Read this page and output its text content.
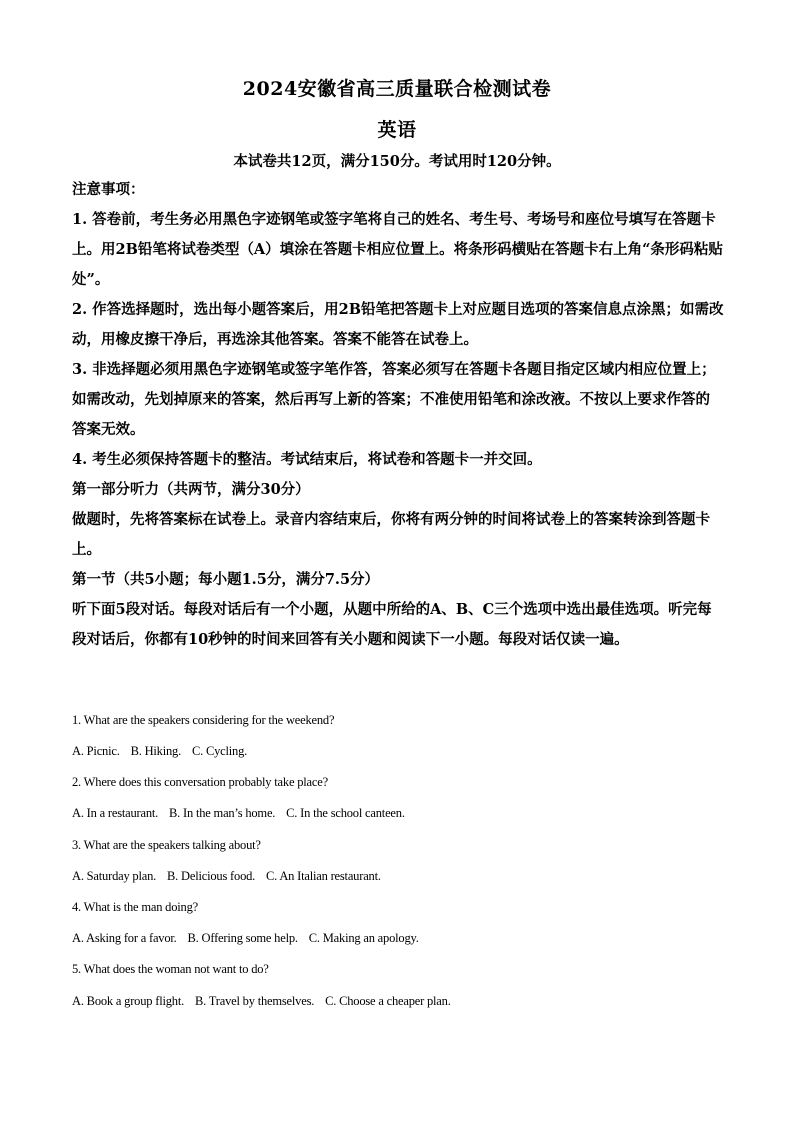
2024安徽省高三质量联合检测试卷
英语
本试卷共12页，满分150分。考试用时120分钟。

注意事项：

1. 答卷前，考生务必用黑色字迹钢笔或签字笔将自己的姓名、考生号、考场号和座位号填写在答题卡上。用2B铅笔将试卷类型（A）填涂在答题卡相应位置上。将条形码横贴在答题卡右上角“条形码粘贴处”。

2. 作答选择题时，选出每小题答案后，用2B铅笔把答题卡上对应题目选项的答案信息点涂黑；如需改动，用橡皮擦干净后，再选涂其他答案。答案不能答在试卷上。

3. 非选择题必须用黑色字迹钢笔或签字笔作答，答案必须写在答题卡各题目指定区域内相应位置上；如需改动，先划掉原来的答案，然后再写上新的答案；不准使用铅笔和涂改液。不按以上要求作答的答案无效。

4. 考生必须保持答题卡的整洁。考试结束后，将试卷和答题卡一并交回。

第一部分听力（共两节，满分30分）

做题时，先将答案标在试卷上。录音内容结束后，你将有两分钟的时间将试卷上的答案转涂到答题卡上。

第一节（共5小题；每小题1.5分，满分7.5分）

听下面5段对话。每段对话后有一个小题，从题中所给的A、B、C三个选项中选出最佳选项。听完每段对话后，你都有10秒钟的时间来回答有关小题和阅读下一小题。每段对话仅读一遍。

1. What are the speakers considering for the weekend?
A. Picnic. B. Hiking. C. Cycling.
2. Where does this conversation probably take place?
A. In a restaurant. B. In the man’s home. C. In the school canteen.
3. What are the speakers talking about?
A. Saturday plan. B. Delicious food. C. An Italian restaurant.
4. What is the man doing?
A. Asking for a favor. B. Offering some help. C. Making an apology.
5. What does the woman not want to do?
A. Book a group flight. B. Travel by themselves. C. Choose a cheaper plan.
